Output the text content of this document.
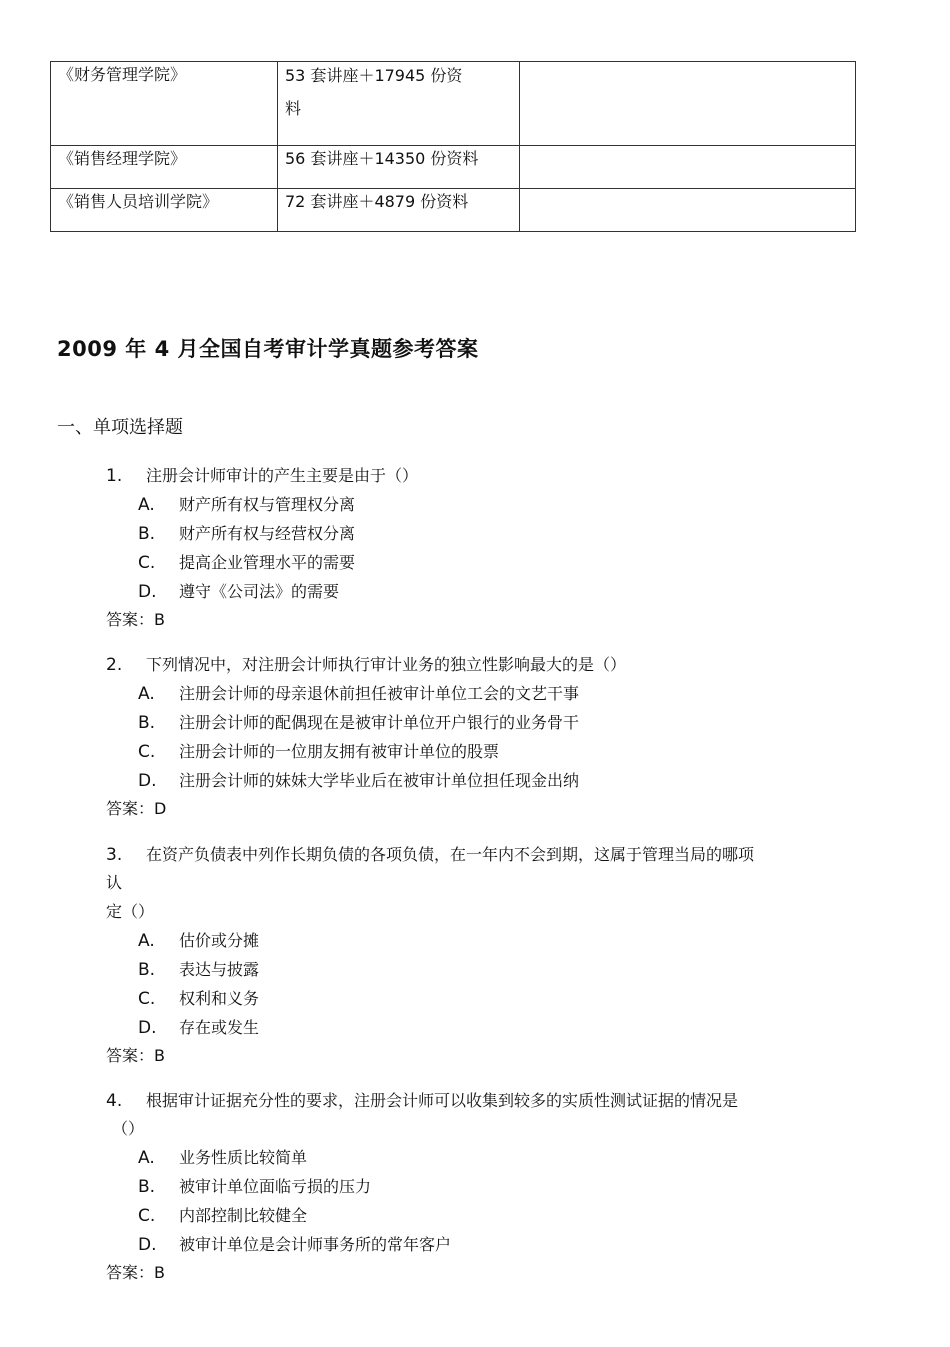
《财务管理学院》	53 套讲座＋17945 份资
料	

《销售经理学院》	56 套讲座＋14350 份资料	
《销售人员培训学院》	72 套讲座＋4879 份资料	
2009 年 4 月全国自考审计学真题参考答案
一、单项选择题
1. 注册会计师审计的产生主要是由于（）
A. 财产所有权与管理权分离
B. 财产所有权与经营权分离
C. 提高企业管理水平的需要
D. 遵守《公司法》的需要
答案：B
2. 下列情况中，对注册会计师执行审计业务的独立性影响最大的是（）
A. 注册会计师的母亲退休前担任被审计单位工会的文艺干事
B. 注册会计师的配偶现在是被审计单位开户银行的业务骨干
C. 注册会计师的一位朋友拥有被审计单位的股票
D. 注册会计师的妹妹大学毕业后在被审计单位担任现金出纳
答案：D
3. 在资产负债表中列作长期负债的各项负债，在一年内不会到期，这属于管理当局的哪项
认
定（）
A. 估价或分摊
B. 表达与披露
C. 权利和义务
D. 存在或发生
答案：B
4. 根据审计证据充分性的要求，注册会计师可以收集到较多的实质性测试证据的情况是
（）
A. 业务性质比较简单
B. 被审计单位面临亏损的压力
C. 内部控制比较健全
D. 被审计单位是会计师事务所的常年客户
答案：B
